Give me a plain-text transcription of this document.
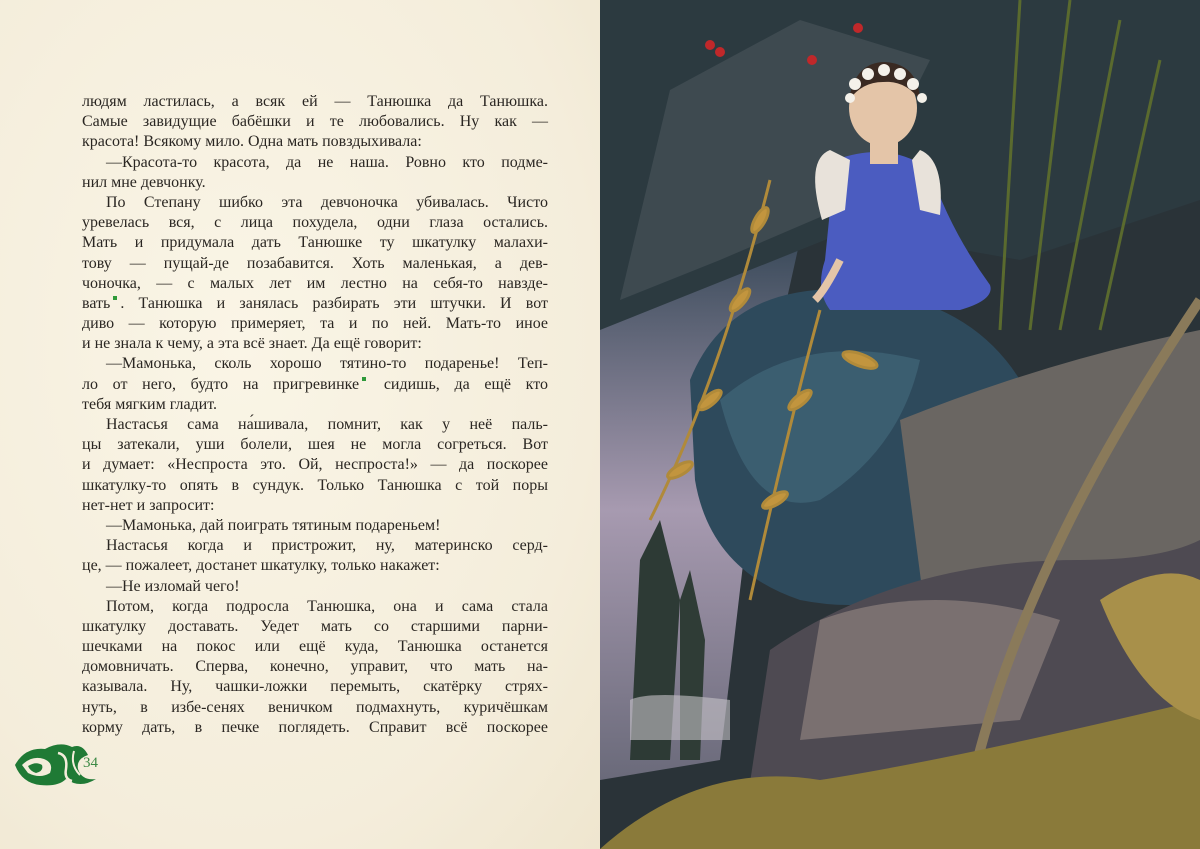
людям ластилась, а всяк ей — Танюшка да Танюшка.
Самые завидущие бабёшки и те любовались. Ну как —
красота! Всякому мило. Одна мать повздыхивала:
—Красота-то красота, да не наша. Ровно кто подме-
нил мне девчонку.
По Степану шибко эта девчоночка убивалась. Чисто
уревелась вся, с лица похудела, одни глаза остались.
Мать и придумала дать Танюшке ту шкатулку малахи-
тову — пущай-де позабавится. Хоть маленькая, а дев-
чоночка, — с малых лет им лестно на себя-то навзде-
вать . Танюшка и занялась разбирать эти штучки. И вот
диво — которую примеряет, та и по ней. Мать-то иное
и не знала к чему, а эта всё знает. Да ещё говорит:
—Мамонька, сколь хорошо тятино-то подаренье! Теп-
ло от него, будто на пригревинке сидишь, да ещё кто
тебя мягким гладит.
Настасья сама на́шивала, помнит, как у неё паль-
цы затекали, уши болели, шея не могла согреться. Вот
и думает: «Неспроста это. Ой, неспроста!» — да поскорее
шкатулку-то опять в сундук. Только Танюшка с той поры
нет-нет и запросит:
—Мамонька, дай поиграть тятиным подареньем!
Настасья когда и пристрожит, ну, материнско серд-
це, — пожалеет, достанет шкатулку, только накажет:
—Не изломай чего!
Потом, когда подросла Танюшка, она и сама стала
шкатулку доставать. Уедет мать со старшими парни-
шечками на покос или ещё куда, Танюшка останется
домовничать. Сперва, конечно, управит, что мать на-
казывала. Ну, чашки-ложки перемыть, скатёрку стрях-
нуть, в избе-сенях веничком подмахнуть, куричёшкам
корму дать, в печке поглядеть. Справит всё поскорее
34
